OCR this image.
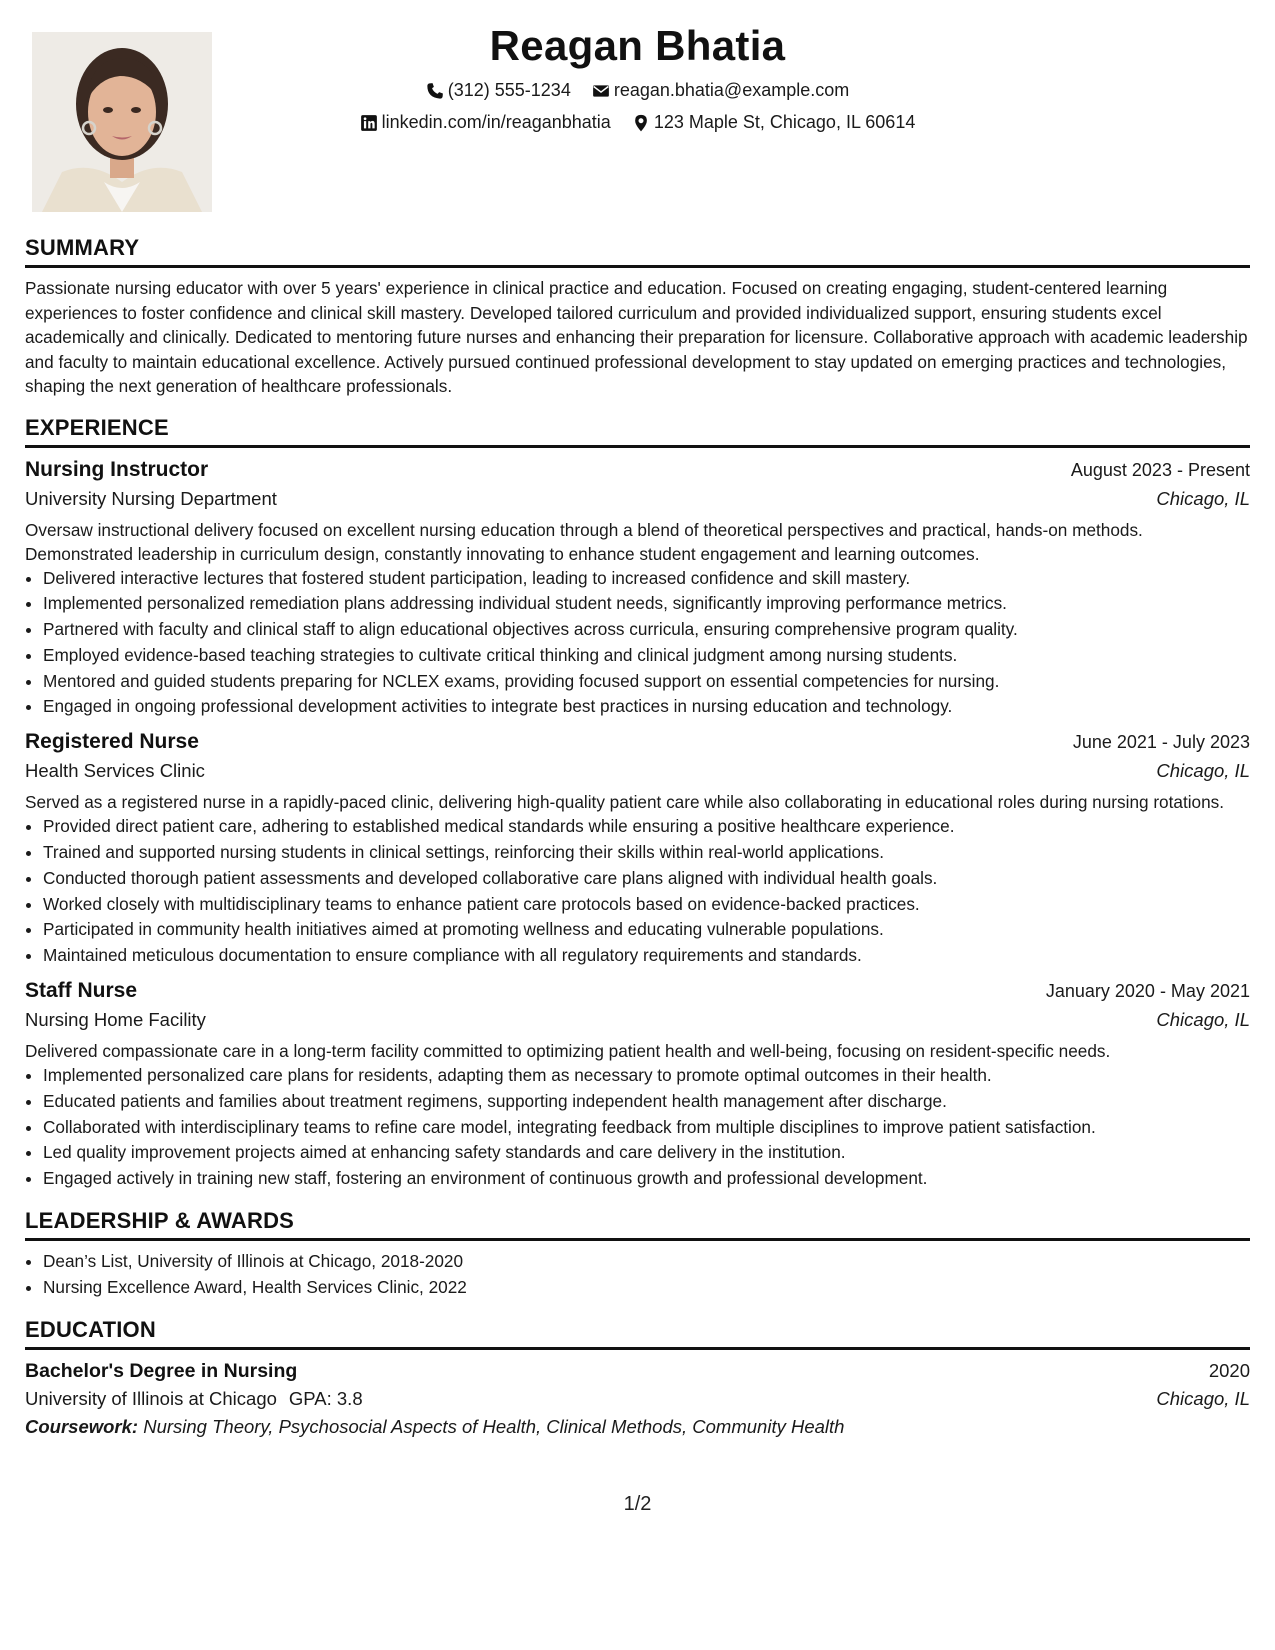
Reagan Bhatia
(312) 555-1234
reagan.bhatia@example.com
linkedin.com/in/reaganbhatia
123 Maple St, Chicago, IL 60614
SUMMARY

Passionate nursing educator with over 5 years' experience in clinical practice and education. Focused on creating engaging, student-centered learning experiences to foster confidence and clinical skill mastery. Developed tailored curriculum and provided individualized support, ensuring students excel academically and clinically. Dedicated to mentoring future nurses and enhancing their preparation for licensure. Collaborative approach with academic leadership and faculty to maintain educational excellence. Actively pursued continued professional development to stay updated on emerging practices and technologies, shaping the next generation of healthcare professionals.

EXPERIENCE
Nursing Instructor	August 2023 - Present
University Nursing Department	Chicago, IL
Oversaw instructional delivery focused on excellent nursing education through a blend of theoretical perspectives and practical, hands-on methods. Demonstrated leadership in curriculum design, constantly innovating to enhance student engagement and learning outcomes.
• Delivered interactive lectures that fostered student participation, leading to increased confidence and skill mastery.
• Implemented personalized remediation plans addressing individual student needs, significantly improving performance metrics.
• Partnered with faculty and clinical staff to align educational objectives across curricula, ensuring comprehensive program quality.
• Employed evidence-based teaching strategies to cultivate critical thinking and clinical judgment among nursing students.
• Mentored and guided students preparing for NCLEX exams, providing focused support on essential competencies for nursing.
• Engaged in ongoing professional development activities to integrate best practices in nursing education and technology.
Registered Nurse	June 2021 - July 2023
Health Services Clinic	Chicago, IL
Served as a registered nurse in a rapidly-paced clinic, delivering high-quality patient care while also collaborating in educational roles during nursing rotations.
• Provided direct patient care, adhering to established medical standards while ensuring a positive healthcare experience.
• Trained and supported nursing students in clinical settings, reinforcing their skills within real-world applications.
• Conducted thorough patient assessments and developed collaborative care plans aligned with individual health goals.
• Worked closely with multidisciplinary teams to enhance patient care protocols based on evidence-backed practices.
• Participated in community health initiatives aimed at promoting wellness and educating vulnerable populations.
• Maintained meticulous documentation to ensure compliance with all regulatory requirements and standards.
Staff Nurse	January 2020 - May 2021
Nursing Home Facility	Chicago, IL
Delivered compassionate care in a long-term facility committed to optimizing patient health and well-being, focusing on resident-specific needs.
• Implemented personalized care plans for residents, adapting them as necessary to promote optimal outcomes in their health.
• Educated patients and families about treatment regimens, supporting independent health management after discharge.
• Collaborated with interdisciplinary teams to refine care model, integrating feedback from multiple disciplines to improve patient satisfaction.
• Led quality improvement projects aimed at enhancing safety standards and care delivery in the institution.
• Engaged actively in training new staff, fostering an environment of continuous growth and professional development.
LEADERSHIP & AWARDS
• Dean’s List, University of Illinois at Chicago, 2018-2020
• Nursing Excellence Award, Health Services Clinic, 2022
EDUCATION
Bachelor's Degree in Nursing	2020
University of Illinois at Chicago GPA: 3.8	Chicago, IL
Coursework: Nursing Theory, Psychosocial Aspects of Health, Clinical Methods, Community Health
1/2
